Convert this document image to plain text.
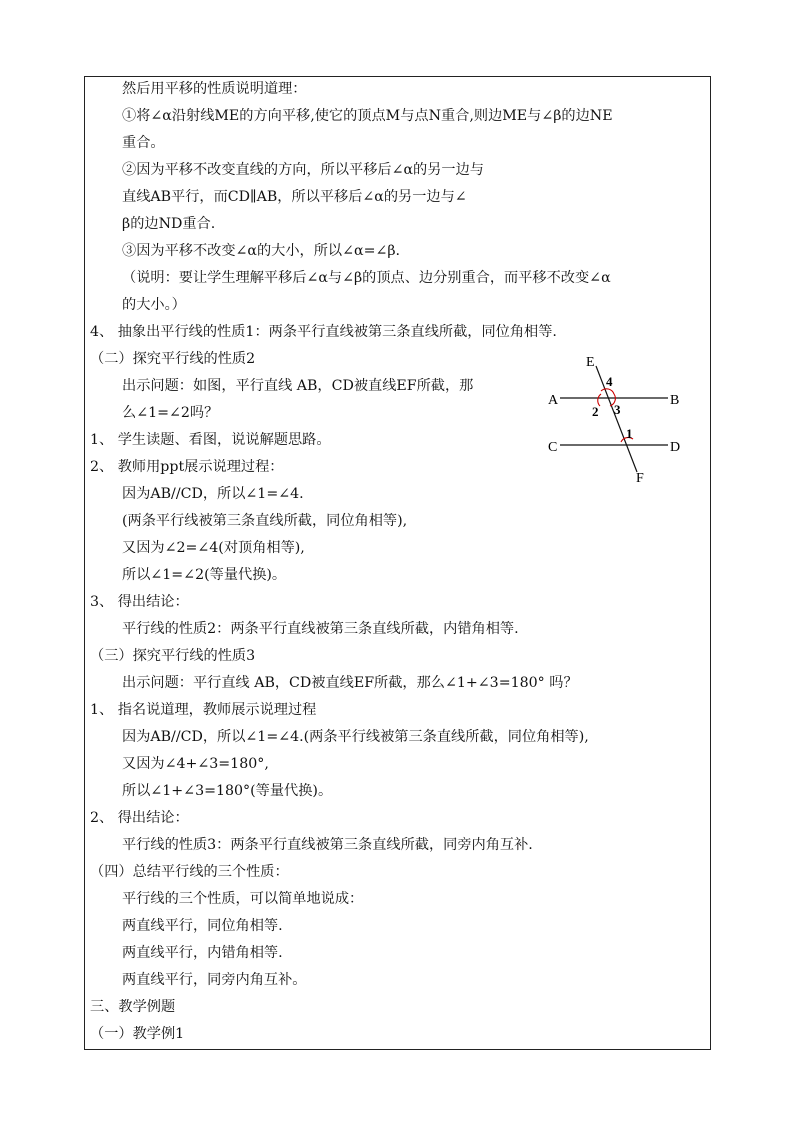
然后用平移的性质说明道理：
①将∠α沿射线ME的方向平移,使它的顶点M与点N重合,则边ME与∠β的边NE
重合。
②因为平移不改变直线的方向，所以平移后∠α的另一边与
直线AB平行，而CD∥AB，所以平移后∠α的另一边与∠
β的边ND重合.
③因为平移不改变∠α的大小，所以∠α=∠β.
（说明：要让学生理解平移后∠α与∠β的顶点、边分别重合，而平移不改变∠α
的大小。）
4、 抽象出平行线的性质1：两条平行直线被第三条直线所截，同位角相等.
（二）探究平行线的性质2
出示问题：如图，平行直线 AB，CD被直线EF所截，那
么∠1=∠2吗？
1、 学生读题、看图，说说解题思路。
2、 教师用ppt展示说理过程：
因为AB//CD，所以∠1=∠4.
(两条平行线被第三条直线所截，同位角相等),
又因为∠2=∠4(对顶角相等),
所以∠1=∠2(等量代换)。
3、 得出结论：
平行线的性质2：两条平行直线被第三条直线所截，内错角相等.
（三）探究平行线的性质3
出示问题：平行直线 AB，CD被直线EF所截，那么∠1+∠3=180° 吗？
1、 指名说道理，教师展示说理过程
因为AB//CD，所以∠1=∠4.(两条平行线被第三条直线所截，同位角相等),
又因为∠4+∠3=180°,
所以∠1+∠3=180°(等量代换)。
2、 得出结论：
平行线的性质3：两条平行直线被第三条直线所截，同旁内角互补.
（四）总结平行线的三个性质：
平行线的三个性质，可以简单地说成：
两直线平行，同位角相等.
两直线平行，内错角相等.
两直线平行，同旁内角互补。
三、教学例题
（一）教学例1
E
A	B
C	D
F
4
2 3
1
